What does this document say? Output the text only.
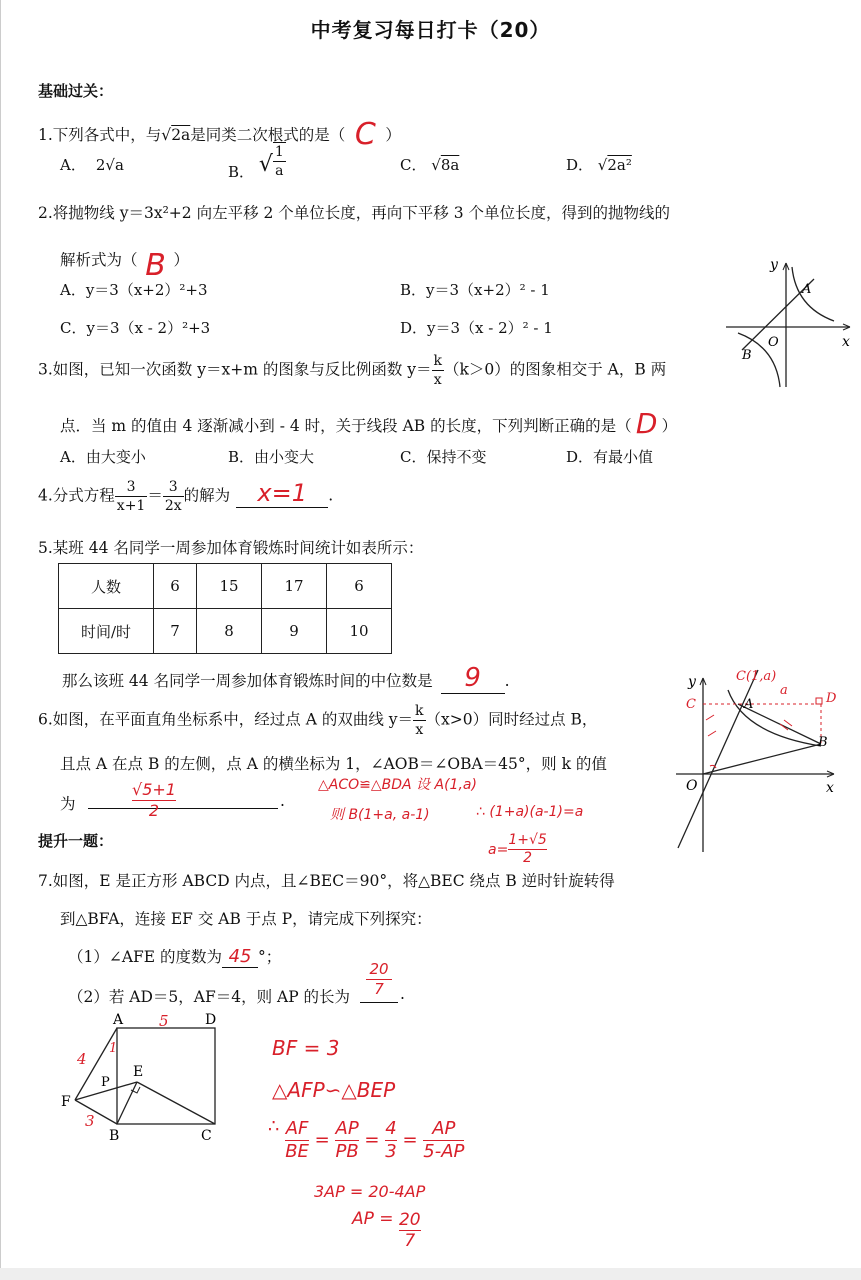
中考复习每日打卡（20）
基础过关：
1.下列各式中，与√2a是同类二次根式的是（ C ）
A． 2√a	B． √ $\frac{1}{a}$	C． √8a	D． √2a²
2.将抛物线 y＝3x²+2 向左平移 2 个单位长度，再向下平移 3 个单位长度，得到的抛物线的
解析式为（ B ）
A．y＝3（x+2）²+3	B．y＝3（x+2）² - 1
C．y＝3（x - 2）²+3	D．y＝3（x - 2）² - 1
y
x
O
A
B
3.如图，已知一次函数 y＝x+m 的图象与反比例函数 $y= \frac{k}{x} (k>0)$的图象相交于 A，B 两
点．当 m 的值由 4 逐渐减小到 - 4 时，关于线段 AB 的长度，下列判断正确的是（ D ）
A．由大变小	B．由小变大	C．保持不变	D．有最小值
4.分式方程 $\frac{3}{x+1} = \frac{3}{2x}$ 的解为 x=1 .
5.某班 44 名同学一周参加体育锻炼时间统计如表所示：
人数	6	15	17	6
时间/时	7	8	9	10
那么该班 44 名同学一周参加体育锻炼时间的中位数是 9 .	y
x
O
A
B
C	D
C(1,a)
a
6.如图，在平面直角坐标系中，经过点 A 的双曲线 $y= \frac{k}{x} (x>0)$同时经过点 B，
且点 A 在点 B 的左侧，点 A 的横坐标为 1，∠AOB＝∠OBA＝45°，则 k 的值
为	$\frac{√5+1}{2}$	.
△ACO≌△BDA 设 A(1,a)
则 B(1+a, a-1)	∴ (1+a)(a-1)=a
$a= \frac{1+√5}{2}$
提升一题：
7.如图，E 是正方形 ABCD 内点，且∠BEC＝90°，将△BEC 绕点 B 逆时针旋转得
到△BFA，连接 EF 交 AB 于点 P，请完成下列探究：
（1）∠AFE 的度数为 45 °；
（2）若 AD＝5，AF＝4，则 AP 的长为 $\frac{20}{7}$ .
A	D
F
B	C
E
P
5
4
3
1	BF = 3
△AFP∽△BEP
∴ $\frac{AF}{BE} = \frac{AP}{PB} = \frac{4}{3} = \frac{AP}{5-AP}$
3AP = 20-4AP
AP = $\frac{20}{7}$
